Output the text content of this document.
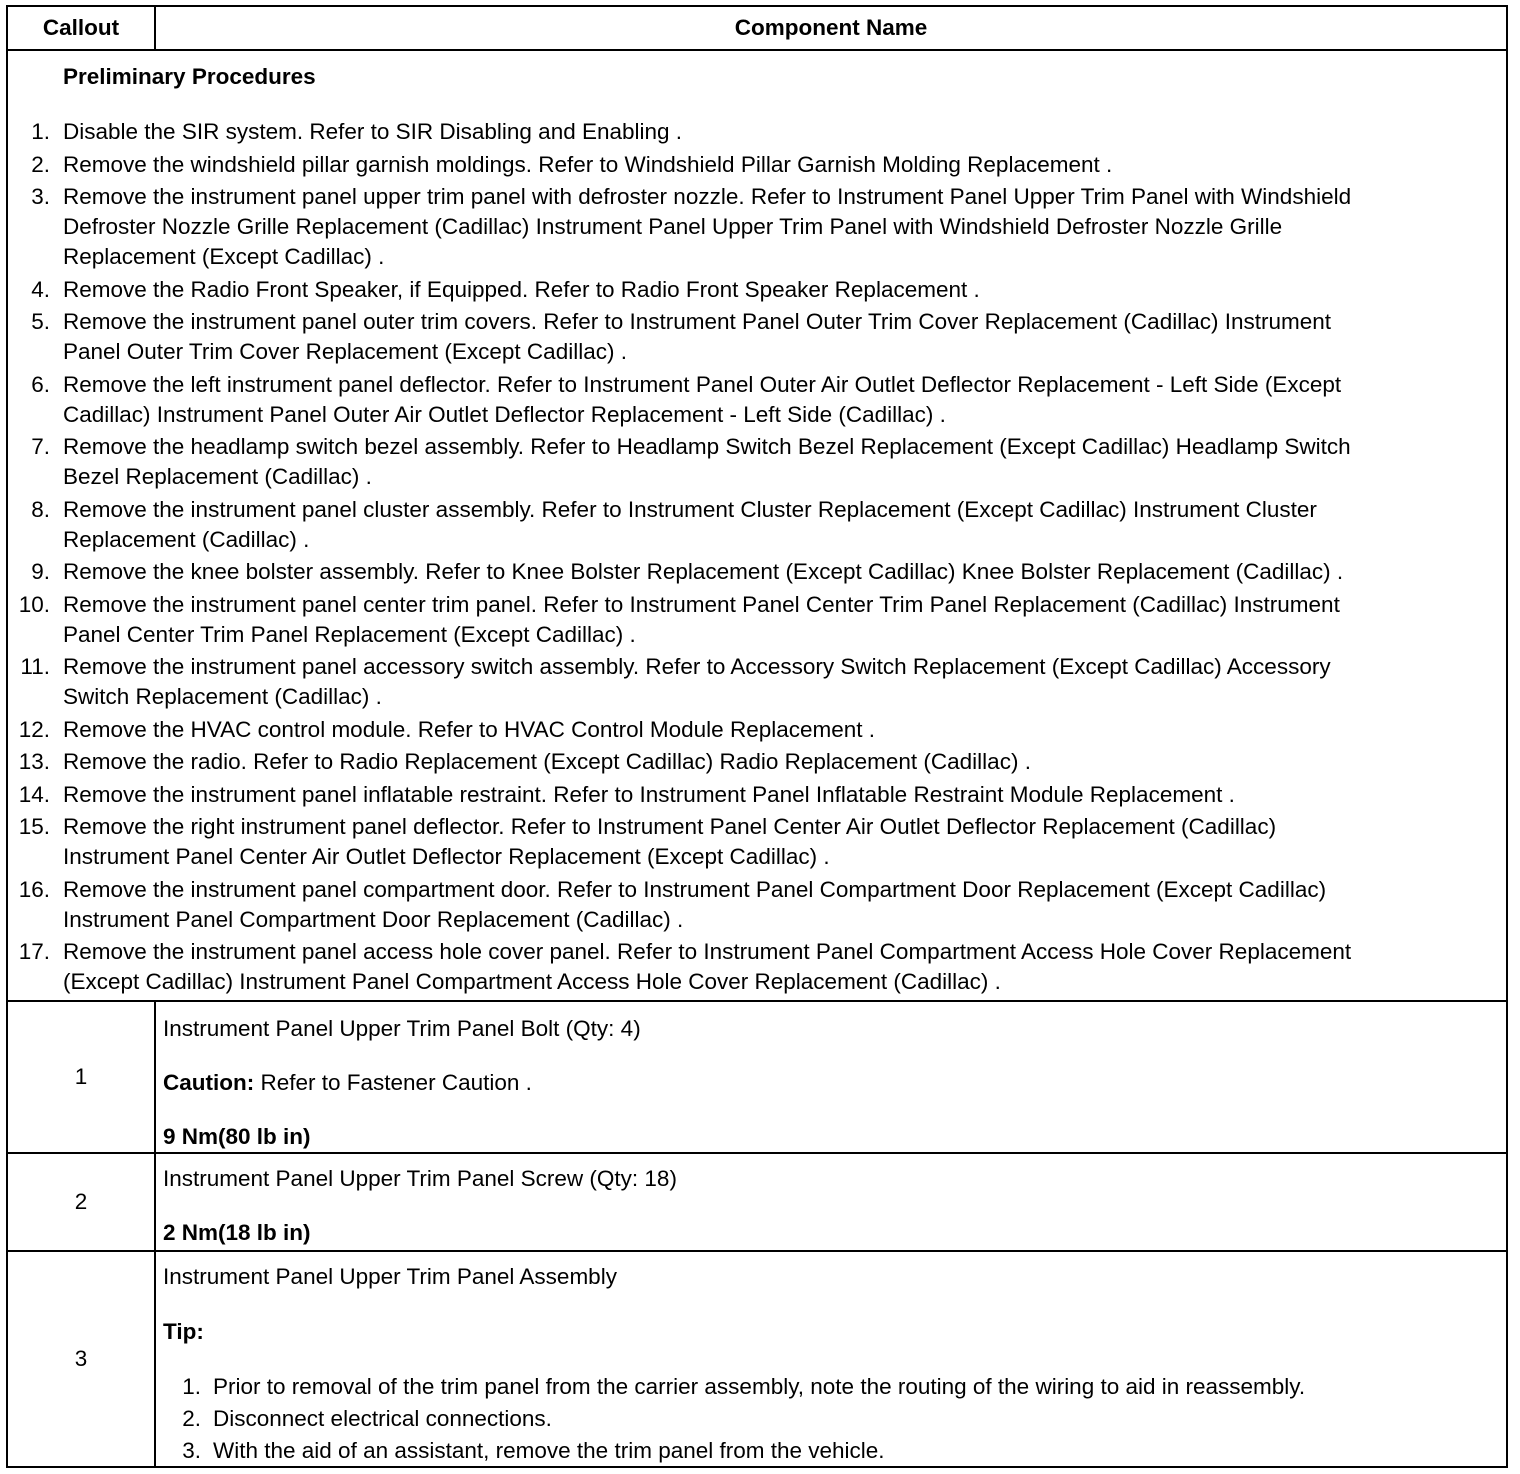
Callout	Component Name
Preliminary Procedures
1. Disable the SIR system. Refer to SIR Disabling and Enabling .
2. Remove the windshield pillar garnish moldings. Refer to Windshield Pillar Garnish Molding Replacement .
3. Remove the instrument panel upper trim panel with defroster nozzle. Refer to Instrument Panel Upper Trim Panel with Windshield
Defroster Nozzle Grille Replacement (Cadillac) Instrument Panel Upper Trim Panel with Windshield Defroster Nozzle Grille
Replacement (Except Cadillac) .
4. Remove the Radio Front Speaker, if Equipped. Refer to Radio Front Speaker Replacement .
5. Remove the instrument panel outer trim covers. Refer to Instrument Panel Outer Trim Cover Replacement (Cadillac) Instrument
Panel Outer Trim Cover Replacement (Except Cadillac) .
6. Remove the left instrument panel deflector. Refer to Instrument Panel Outer Air Outlet Deflector Replacement - Left Side (Except
Cadillac) Instrument Panel Outer Air Outlet Deflector Replacement - Left Side (Cadillac) .
7. Remove the headlamp switch bezel assembly. Refer to Headlamp Switch Bezel Replacement (Except Cadillac) Headlamp Switch
Bezel Replacement (Cadillac) .
8. Remove the instrument panel cluster assembly. Refer to Instrument Cluster Replacement (Except Cadillac) Instrument Cluster
Replacement (Cadillac) .
9. Remove the knee bolster assembly. Refer to Knee Bolster Replacement (Except Cadillac) Knee Bolster Replacement (Cadillac) .
10. Remove the instrument panel center trim panel. Refer to Instrument Panel Center Trim Panel Replacement (Cadillac) Instrument
Panel Center Trim Panel Replacement (Except Cadillac) .
11. Remove the instrument panel accessory switch assembly. Refer to Accessory Switch Replacement (Except Cadillac) Accessory
Switch Replacement (Cadillac) .
12. Remove the HVAC control module. Refer to HVAC Control Module Replacement .
13. Remove the radio. Refer to Radio Replacement (Except Cadillac) Radio Replacement (Cadillac) .
14. Remove the instrument panel inflatable restraint. Refer to Instrument Panel Inflatable Restraint Module Replacement .
15. Remove the right instrument panel deflector. Refer to Instrument Panel Center Air Outlet Deflector Replacement (Cadillac)
Instrument Panel Center Air Outlet Deflector Replacement (Except Cadillac) .
16. Remove the instrument panel compartment door. Refer to Instrument Panel Compartment Door Replacement (Except Cadillac)
Instrument Panel Compartment Door Replacement (Cadillac) .
17. Remove the instrument panel access hole cover panel. Refer to Instrument Panel Compartment Access Hole Cover Replacement
(Except Cadillac) Instrument Panel Compartment Access Hole Cover Replacement (Cadillac) .
1
Instrument Panel Upper Trim Panel Bolt (Qty: 4)
Caution: Refer to Fastener Caution .
9 Nm(80 lb in)
2
Instrument Panel Upper Trim Panel Screw (Qty: 18)
2 Nm(18 lb in)
3
Instrument Panel Upper Trim Panel Assembly
Tip:
1. Prior to removal of the trim panel from the carrier assembly, note the routing of the wiring to aid in reassembly.
2. Disconnect electrical connections.
3. With the aid of an assistant, remove the trim panel from the vehicle.
